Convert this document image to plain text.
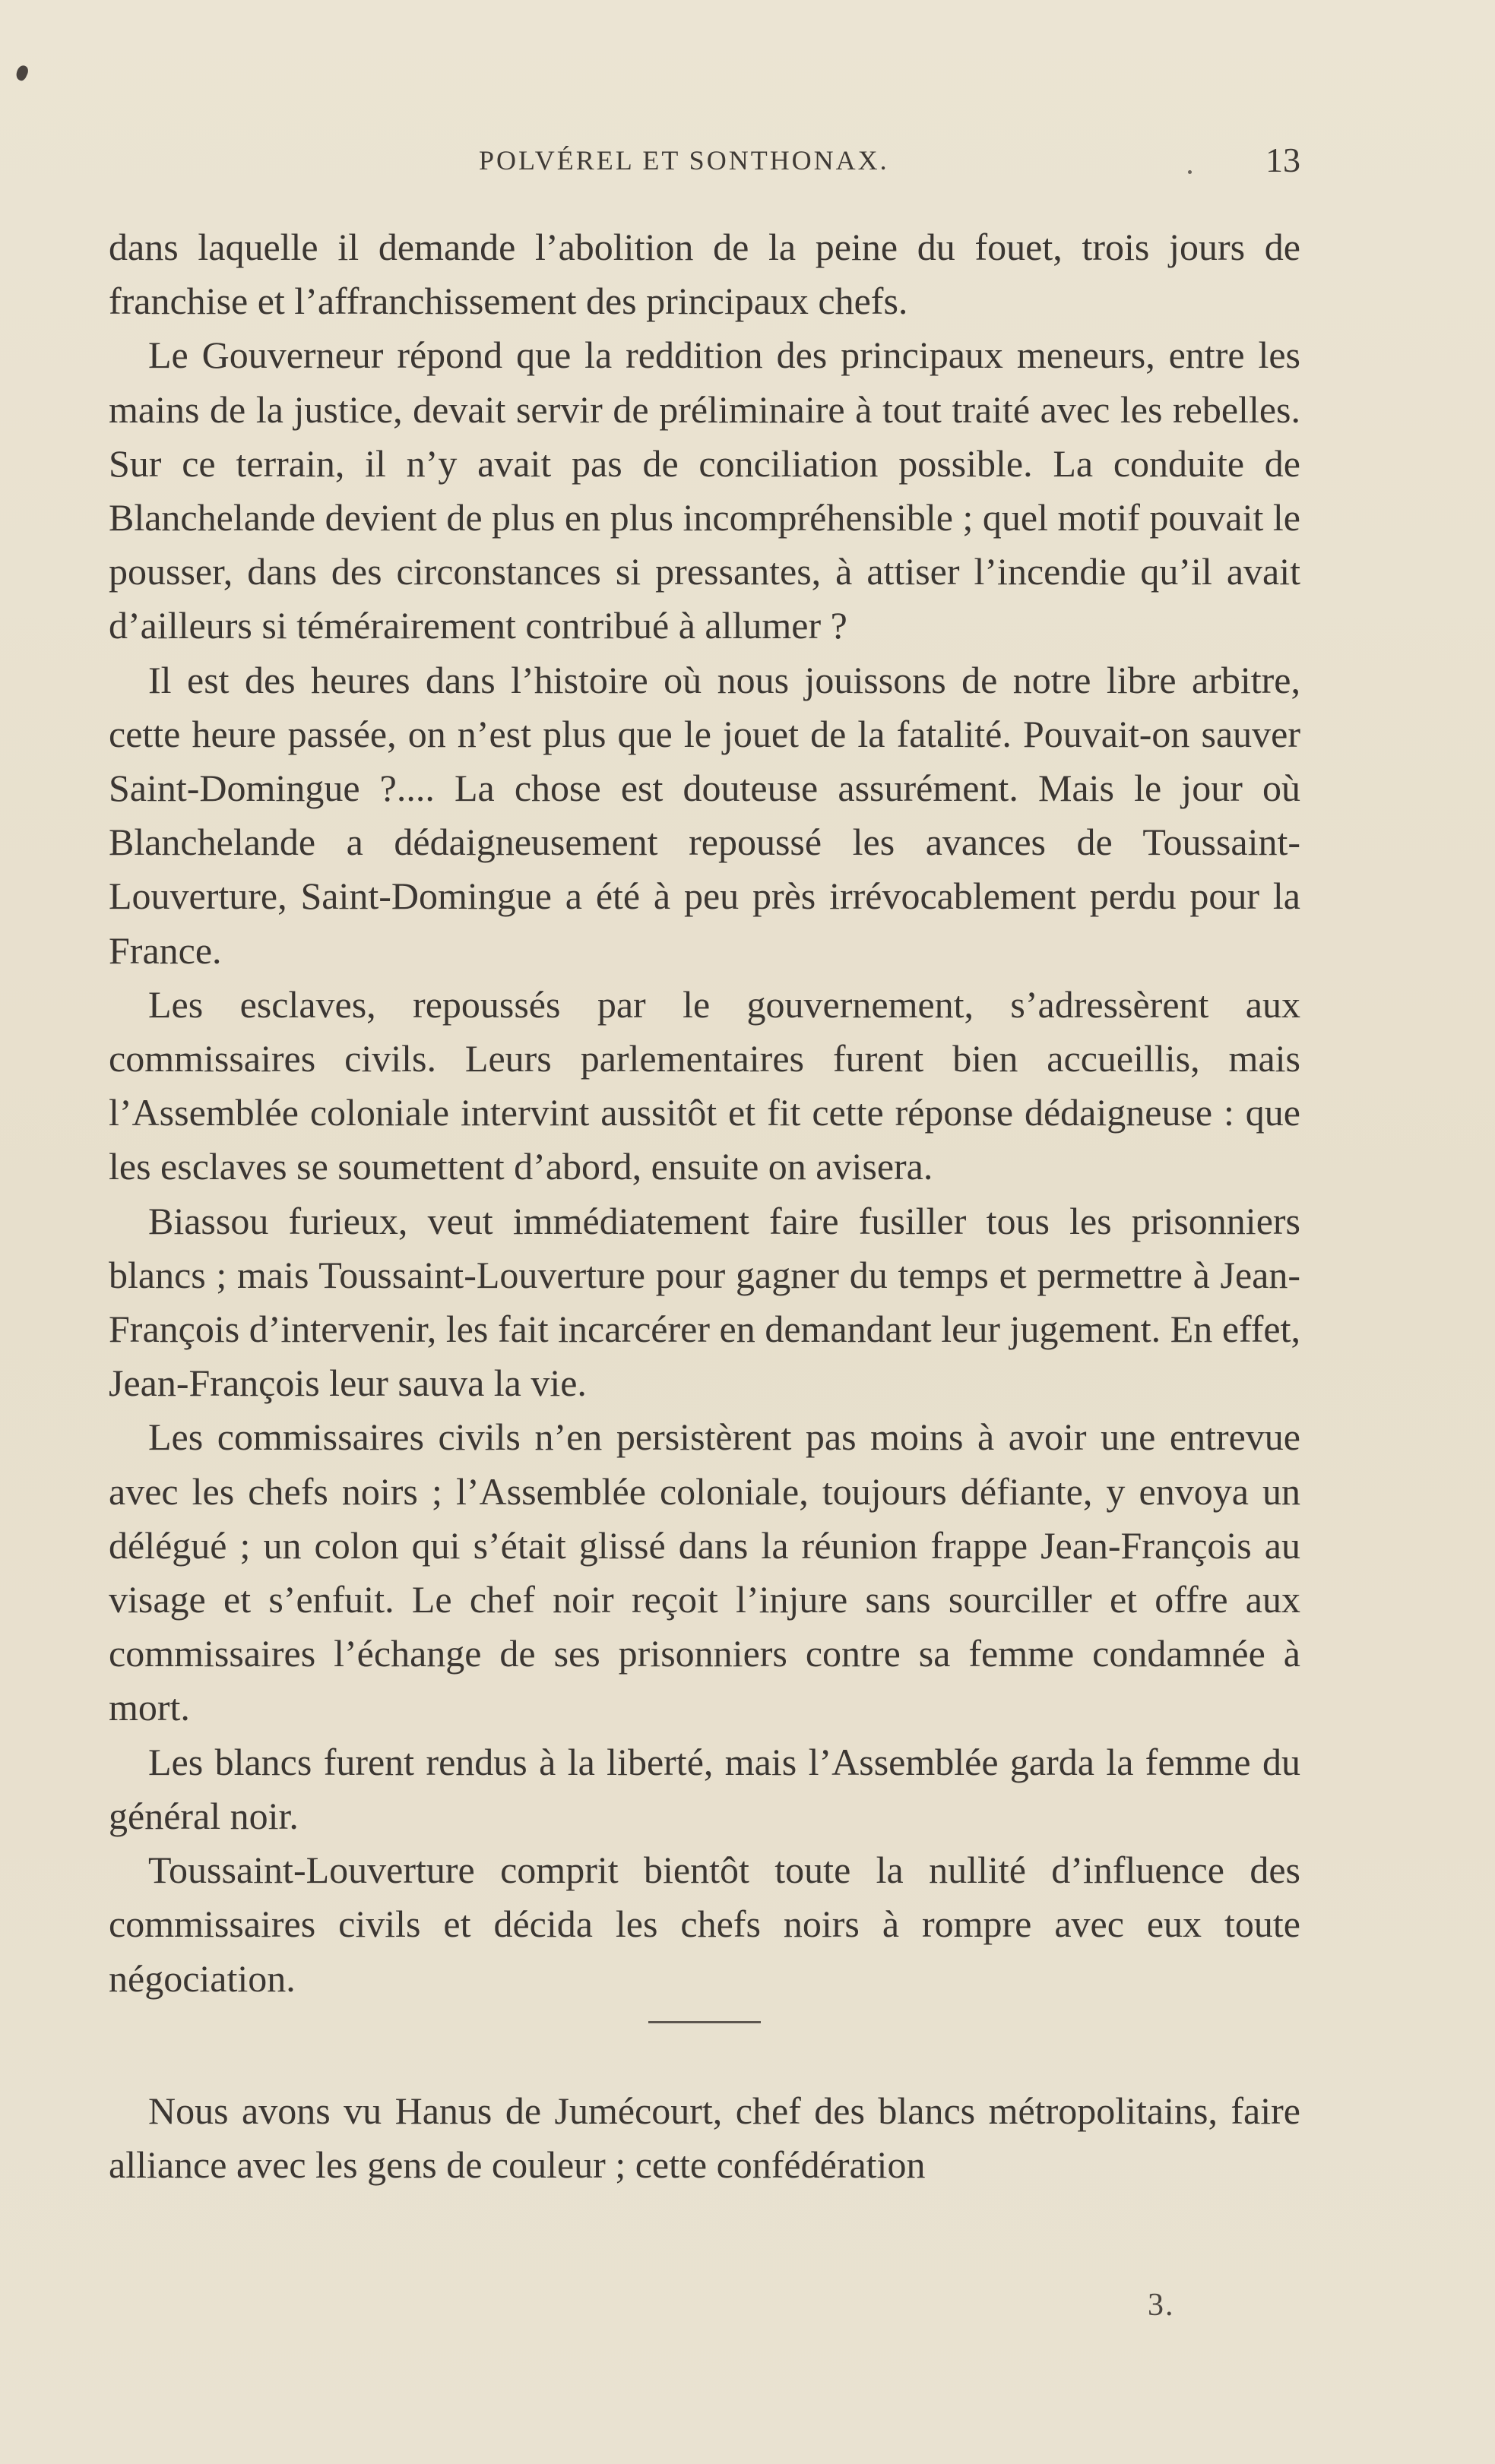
POLVÉREL ET SONTHONAX.	13

dans laquelle il demande l’abolition de la peine du fouet, trois jours de franchise et l’affranchissement des principaux chefs.

Le Gouverneur répond que la reddition des principaux meneurs, entre les mains de la justice, devait servir de préliminaire à tout traité avec les rebelles. Sur ce terrain, il n’y avait pas de conciliation possible. La conduite de Blanchelande devient de plus en plus incompréhensible ; quel motif pouvait le pousser, dans des circonstances si pressantes, à attiser l’incendie qu’il avait d’ailleurs si témérairement contribué à allumer ?

Il est des heures dans l’histoire où nous jouissons de notre libre arbitre, cette heure passée, on n’est plus que le jouet de la fatalité. Pouvait-on sauver Saint-Domingue ?.... La chose est douteuse assurément. Mais le jour où Blanchelande a dédaigneusement repoussé les avances de Toussaint-Louverture, Saint-Domingue a été à peu près irrévocablement perdu pour la France.

Les esclaves, repoussés par le gouvernement, s’adressèrent aux commissaires civils. Leurs parlementaires furent bien accueillis, mais l’Assemblée coloniale intervint aussitôt et fit cette réponse dédaigneuse : que les esclaves se soumettent d’abord, ensuite on avisera.

Biassou furieux, veut immédiatement faire fusiller tous les prisonniers blancs ; mais Toussaint-Louverture pour gagner du temps et permettre à Jean-François d’intervenir, les fait incarcérer en demandant leur jugement. En effet, Jean-François leur sauva la vie.

Les commissaires civils n’en persistèrent pas moins à avoir une entrevue avec les chefs noirs ; l’Assemblée coloniale, toujours défiante, y envoya un délégué ; un colon qui s’était glissé dans la réunion frappe Jean-François au visage et s’enfuit. Le chef noir reçoit l’injure sans sourciller et offre aux commissaires l’échange de ses prisonniers contre sa femme condamnée à mort.

Les blancs furent rendus à la liberté, mais l’Assemblée garda la femme du général noir.

Toussaint-Louverture comprit bientôt toute la nullité d’influence des commissaires civils et décida les chefs noirs à rompre avec eux toute négociation.

Nous avons vu Hanus de Jumécourt, chef des blancs métropolitains, faire alliance avec les gens de couleur ; cette confédération

3.
